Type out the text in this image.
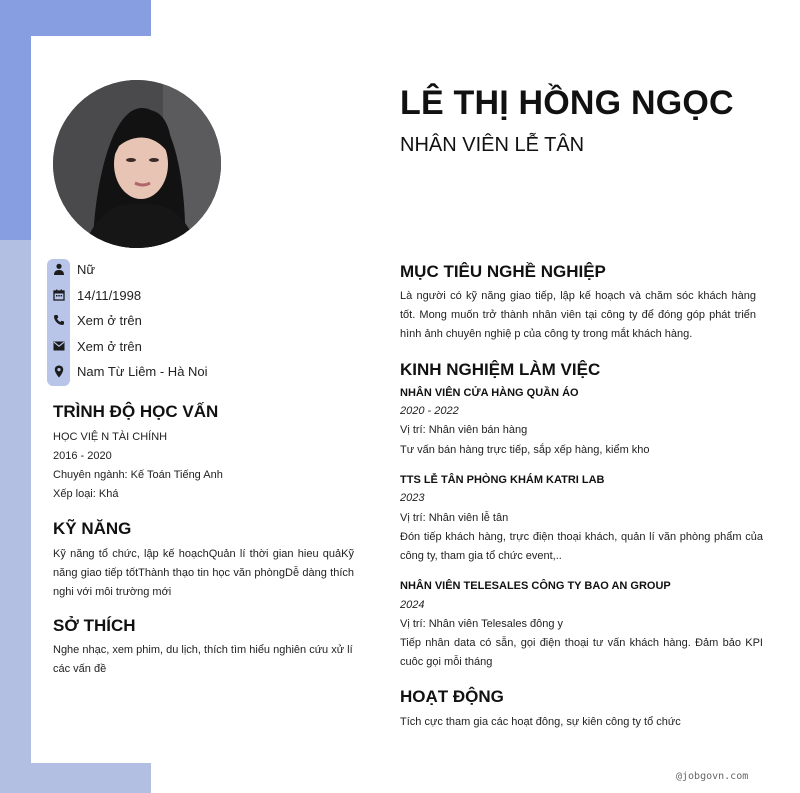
LÊ THỊ HỒNG NGỌC
NHÂN VIÊN LỄ TÂN
Nữ
14/11/1998
Xem ở trên
Xem ở trên
Nam Từ Liêm - Hà Noi
TRÌNH ĐỘ HỌC VẤN
HỌC VIỆ N TÀI CHÍNH
2016 - 2020
Chuyên ngành: Kế Toán Tiếng Anh
Xếp loại: Khá
KỸ NĂNG
Kỹ năng tổ chức, lập kế hoạchQuản lí thời gian hieu quảKỹ năng giao tiếp tốtThành thạo tin học văn phòngDễ dàng thích nghi với môi trường mới
SỞ THÍCH
Nghe nhạc, xem phim, du lịch, thích tìm hiểu nghiên cứu xử lí các vấn đề
MỤC TIÊU NGHỀ NGHIỆP
Là người có kỹ năng giao tiếp, lập kế hoạch và chăm sóc khách hàng tốt. Mong muốn trở thành nhân viên tại công ty để đóng góp phát triển hình ảnh chuyên nghiệ p của công ty trong mắt khách hàng.
KINH NGHIỆM LÀM VIỆC
NHÂN VIÊN CỬA HÀNG QUẦN ÁO
2020 - 2022
Vị trí: Nhân viên bán hàng
Tư vấn bán hàng trực tiếp, sắp xếp hàng, kiểm kho
TTS LỄ TÂN PHÒNG KHÁM KATRI LAB
2023
Vị trí: Nhân viên lễ tân
Đón tiếp khách hàng, trực điện thoại khách, quản lí văn phòng phẩm của công ty, tham gia tổ chức event,..
NHÂN VIÊN TELESALES CÔNG TY BAO AN GROUP
2024
Vị trí: Nhân viên Telesales đông y
Tiếp nhân data có sẵn, gọi điện thoại tư vấn khách hàng. Đảm bảo KPI cuôc gọi mỗi tháng
HOẠT ĐỘNG
Tích cực tham gia các hoạt đông, sự kiên công ty tổ chức
@jobgovn.com
